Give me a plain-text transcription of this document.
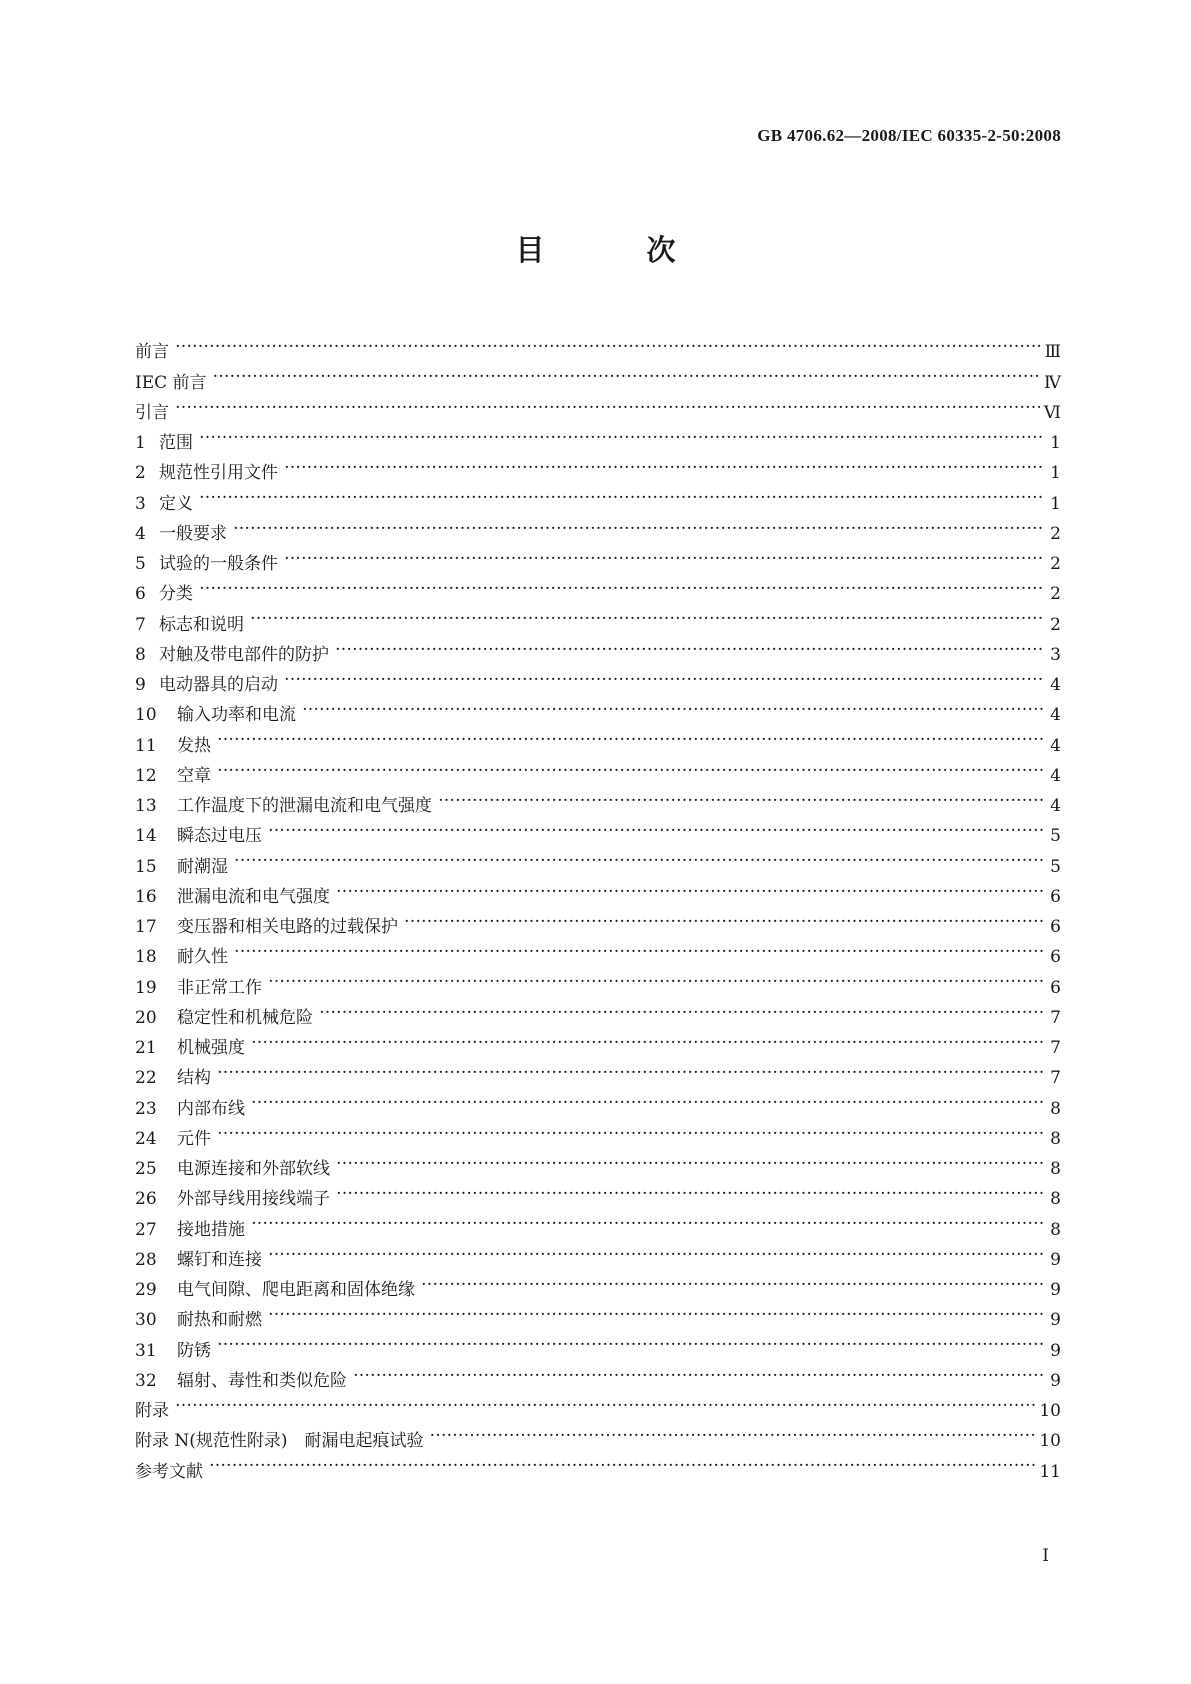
GB 4706.62—2008/IEC 60335-2-50:2008
目 次
前言 …………………………………………………………………………………………………………………………………………………………………………………………………………………………	Ⅲ
IEC 前言 …………………………………………………………………………………………………………………………………………………………………………………………………………………………	Ⅳ
引言 …………………………………………………………………………………………………………………………………………………………………………………………………………………………	Ⅵ
1 范围 …………………………………………………………………………………………………………………………………………………………………………………………………………………………	1
2 规范性引用文件 …………………………………………………………………………………………………………………………………………………………………………………………………………………………	1
3 定义 …………………………………………………………………………………………………………………………………………………………………………………………………………………………	1
4 一般要求 …………………………………………………………………………………………………………………………………………………………………………………………………………………………	2
5 试验的一般条件 …………………………………………………………………………………………………………………………………………………………………………………………………………………………	2
6 分类 …………………………………………………………………………………………………………………………………………………………………………………………………………………………	2
7 标志和说明 …………………………………………………………………………………………………………………………………………………………………………………………………………………………	2
8 对触及带电部件的防护 …………………………………………………………………………………………………………………………………………………………………………………………………………………………	3
9 电动器具的启动 …………………………………………………………………………………………………………………………………………………………………………………………………………………………	4
10	输入功率和电流 …………………………………………………………………………………………………………………………………………………………………………………………………………………………	4
11	发热 …………………………………………………………………………………………………………………………………………………………………………………………………………………………	4
12	空章 …………………………………………………………………………………………………………………………………………………………………………………………………………………………	4
13	工作温度下的泄漏电流和电气强度 …………………………………………………………………………………………………………………………………………………………………………………………………………………………	4
14	瞬态过电压 …………………………………………………………………………………………………………………………………………………………………………………………………………………………	5
15	耐潮湿 …………………………………………………………………………………………………………………………………………………………………………………………………………………………	5
16	泄漏电流和电气强度 …………………………………………………………………………………………………………………………………………………………………………………………………………………………	6
17	变压器和相关电路的过载保护 …………………………………………………………………………………………………………………………………………………………………………………………………………………………	6
18	耐久性 …………………………………………………………………………………………………………………………………………………………………………………………………………………………	6
19	非正常工作 …………………………………………………………………………………………………………………………………………………………………………………………………………………………	6
20	稳定性和机械危险 …………………………………………………………………………………………………………………………………………………………………………………………………………………………	7
21	机械强度 …………………………………………………………………………………………………………………………………………………………………………………………………………………………	7
22	结构 …………………………………………………………………………………………………………………………………………………………………………………………………………………………	7
23	内部布线 …………………………………………………………………………………………………………………………………………………………………………………………………………………………	8
24	元件 …………………………………………………………………………………………………………………………………………………………………………………………………………………………	8
25	电源连接和外部软线 …………………………………………………………………………………………………………………………………………………………………………………………………………………………	8
26	外部导线用接线端子 …………………………………………………………………………………………………………………………………………………………………………………………………………………………	8
27	接地措施 …………………………………………………………………………………………………………………………………………………………………………………………………………………………	8
28	螺钉和连接 …………………………………………………………………………………………………………………………………………………………………………………………………………………………	9
29	电气间隙、爬电距离和固体绝缘 …………………………………………………………………………………………………………………………………………………………………………………………………………………………	9
30	耐热和耐燃 …………………………………………………………………………………………………………………………………………………………………………………………………………………………	9
31	防锈 …………………………………………………………………………………………………………………………………………………………………………………………………………………………	9
32	辐射、毒性和类似危险 …………………………………………………………………………………………………………………………………………………………………………………………………………………………	9
附录 …………………………………………………………………………………………………………………………………………………………………………………………………………………………	10
附录 N(规范性附录)　耐漏电起痕试验 …………………………………………………………………………………………………………………………………………………………………………………………………………………………	10
参考文献 …………………………………………………………………………………………………………………………………………………………………………………………………………………………	11
I
